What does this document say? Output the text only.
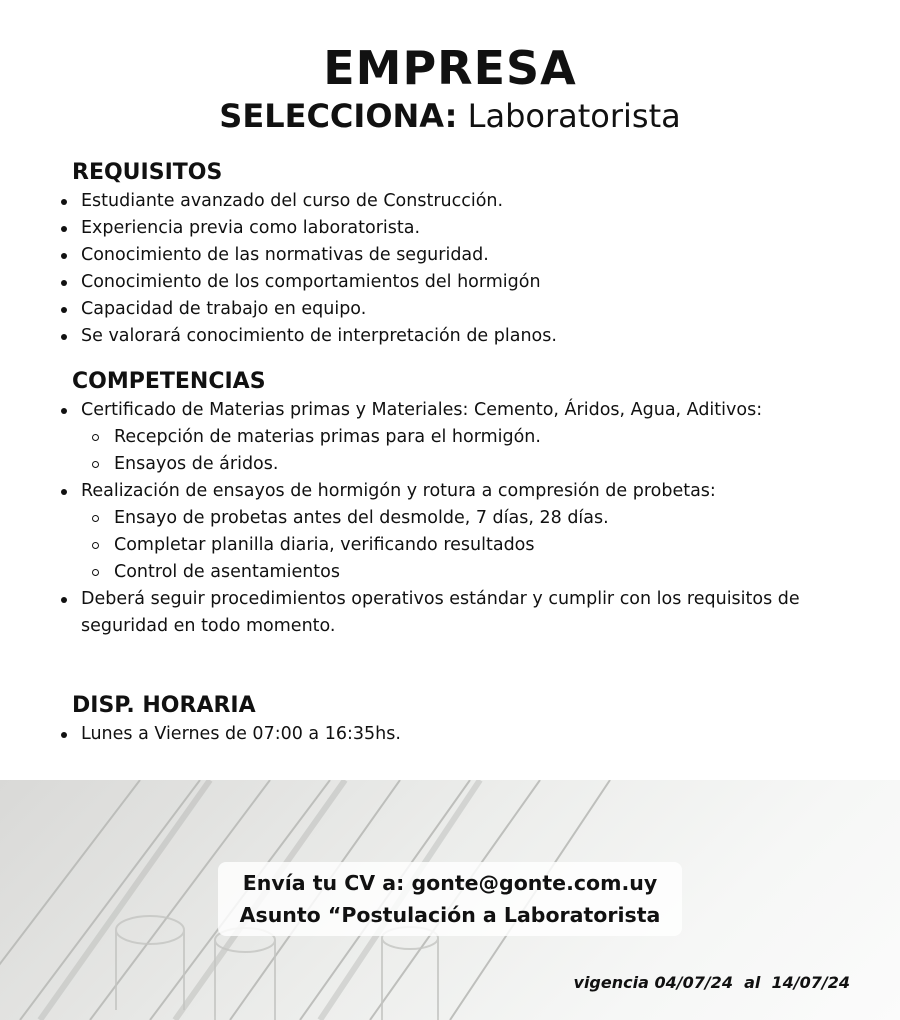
EMPRESA
SELECCIONA: Laboratorista
REQUISITOS
Estudiante avanzado del curso de Construcción.
Experiencia previa como laboratorista.
Conocimiento de las normativas de seguridad.
Conocimiento de los comportamientos del hormigón
Capacidad de trabajo en equipo.
Se valorará conocimiento de interpretación de planos.
COMPETENCIAS
Certificado de Materias primas y Materiales: Cemento, Áridos, Agua, Aditivos:
Recepción de materias primas para el hormigón.
Ensayos de áridos.
Realización de ensayos de hormigón y rotura a compresión de probetas:
Ensayo de probetas antes del desmolde, 7 días, 28 días.
Completar planilla diaria, verificando resultados
Control de asentamientos
Deberá seguir procedimientos operativos estándar y cumplir con los requisitos de seguridad en todo momento.
DISP. HORARIA
Lunes a Viernes de 07:00 a 16:35hs.
Envía tu CV a: gonte@gonte.com.uy
Asunto “Postulación a Laboratorista
vigencia 04/07/24  al  14/07/24
